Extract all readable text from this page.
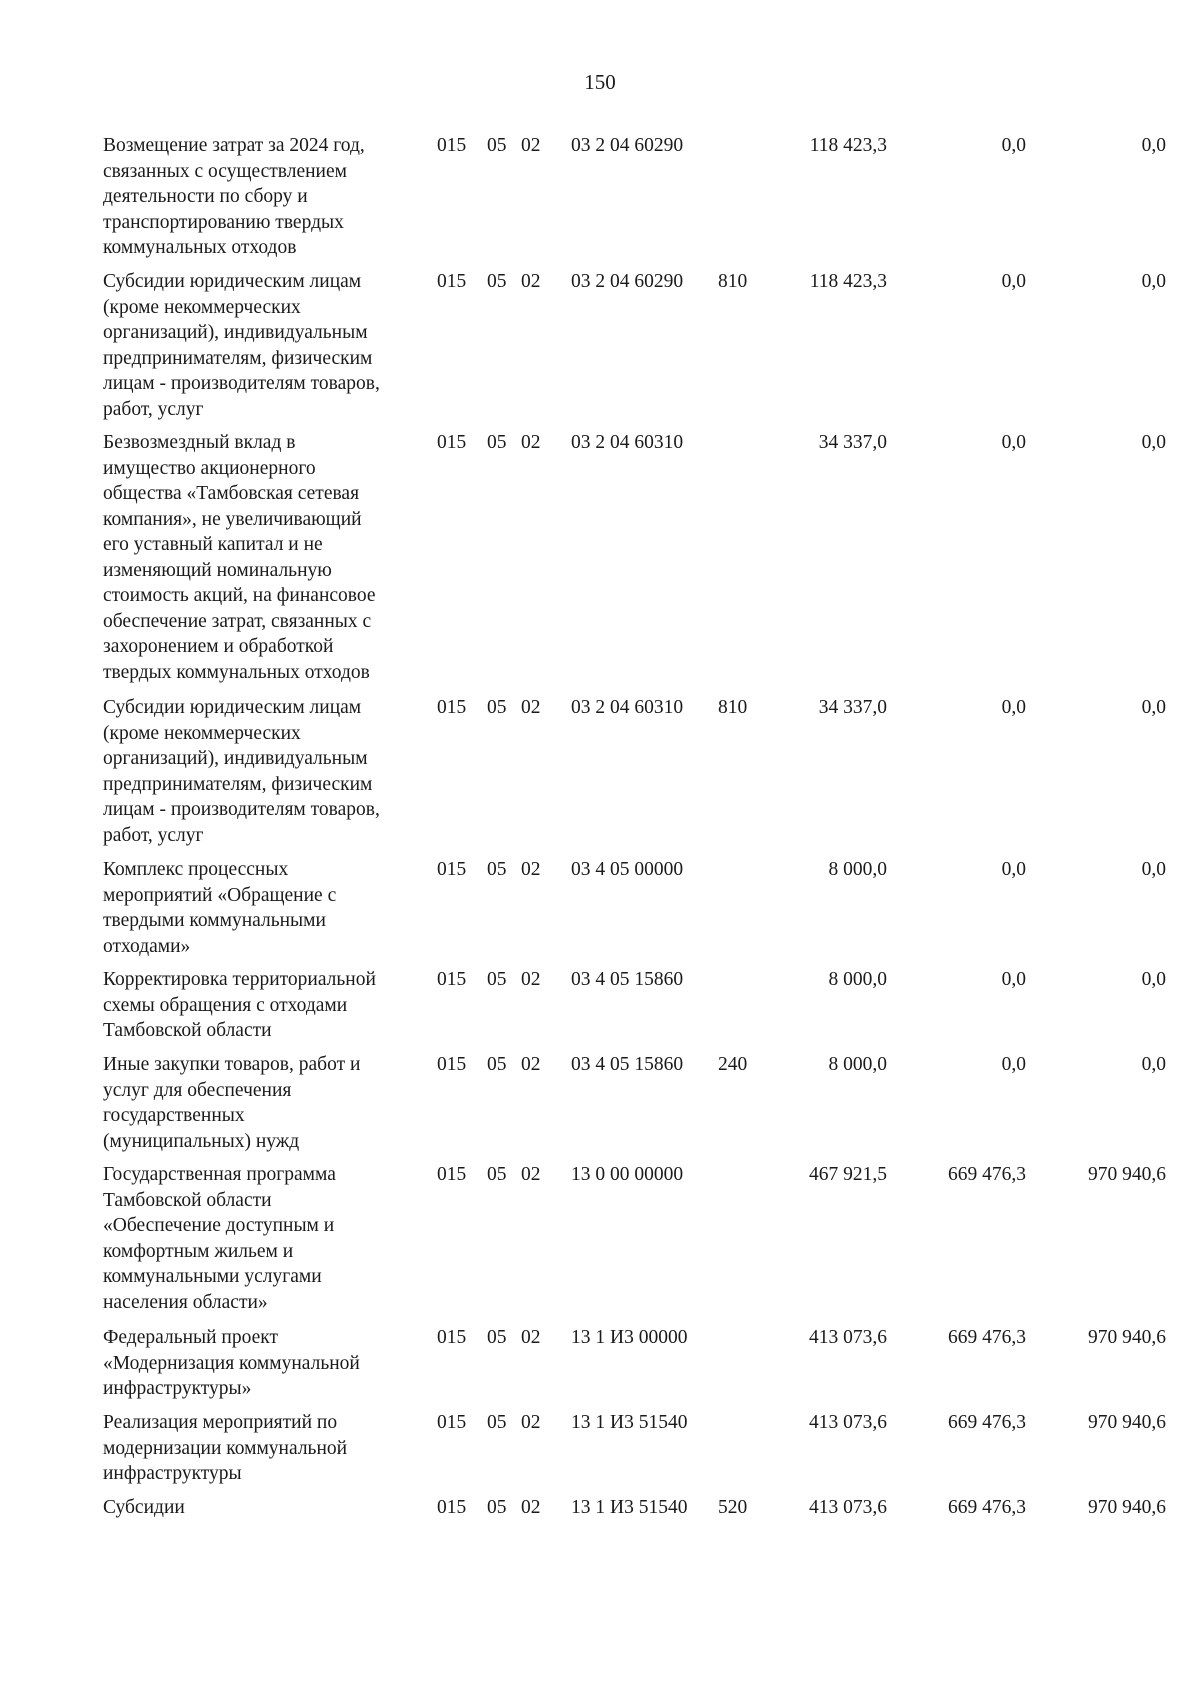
150
Возмещение затрат за 2024 год,
связанных с осуществлением
деятельности по сбору и
транспортированию твердых
коммунальных отходов
015 05 02 03 2 04 60290	118 423,3	0,0	0,0
Субсидии юридическим лицам
(кроме некоммерческих
организаций), индивидуальным
предпринимателям, физическим
лицам - производителям товаров,
работ, услуг
015 05 02 03 2 04 60290 810	118 423,3	0,0	0,0
Безвозмездный вклад в
имущество акционерного
общества «Тамбовская сетевая
компания», не увеличивающий
его уставный капитал и не
изменяющий номинальную
стоимость акций, на финансовое
обеспечение затрат, связанных с
захоронением и обработкой
твердых коммунальных отходов
015 05 02 03 2 04 60310	34 337,0	0,0	0,0
Субсидии юридическим лицам
(кроме некоммерческих
организаций), индивидуальным
предпринимателям, физическим
лицам - производителям товаров,
работ, услуг
015 05 02 03 2 04 60310 810	34 337,0	0,0	0,0
Комплекс процессных
мероприятий «Обращение с
твердыми коммунальными
отходами»
015 05 02 03 4 05 00000	8 000,0	0,0	0,0
Корректировка территориальной
схемы обращения с отходами
Тамбовской области
015 05 02 03 4 05 15860	8 000,0	0,0	0,0
Иные закупки товаров, работ и
услуг для обеспечения
государственных
(муниципальных) нужд
015 05 02 03 4 05 15860 240	8 000,0	0,0	0,0
Государственная программа
Тамбовской области
«Обеспечение доступным и
комфортным жильем и
коммунальными услугами
населения области»
015 05 02 13 0 00 00000	467 921,5	669 476,3	970 940,6
Федеральный проект
«Модернизация коммунальной
инфраструктуры»
015 05 02 13 1 И3 00000	413 073,6	669 476,3	970 940,6
Реализация мероприятий по
модернизации коммунальной
инфраструктуры
015 05 02 13 1 И3 51540	413 073,6	669 476,3	970 940,6
Субсидии	015 05 02 13 1 И3 51540 520	413 073,6	669 476,3	970 940,6
